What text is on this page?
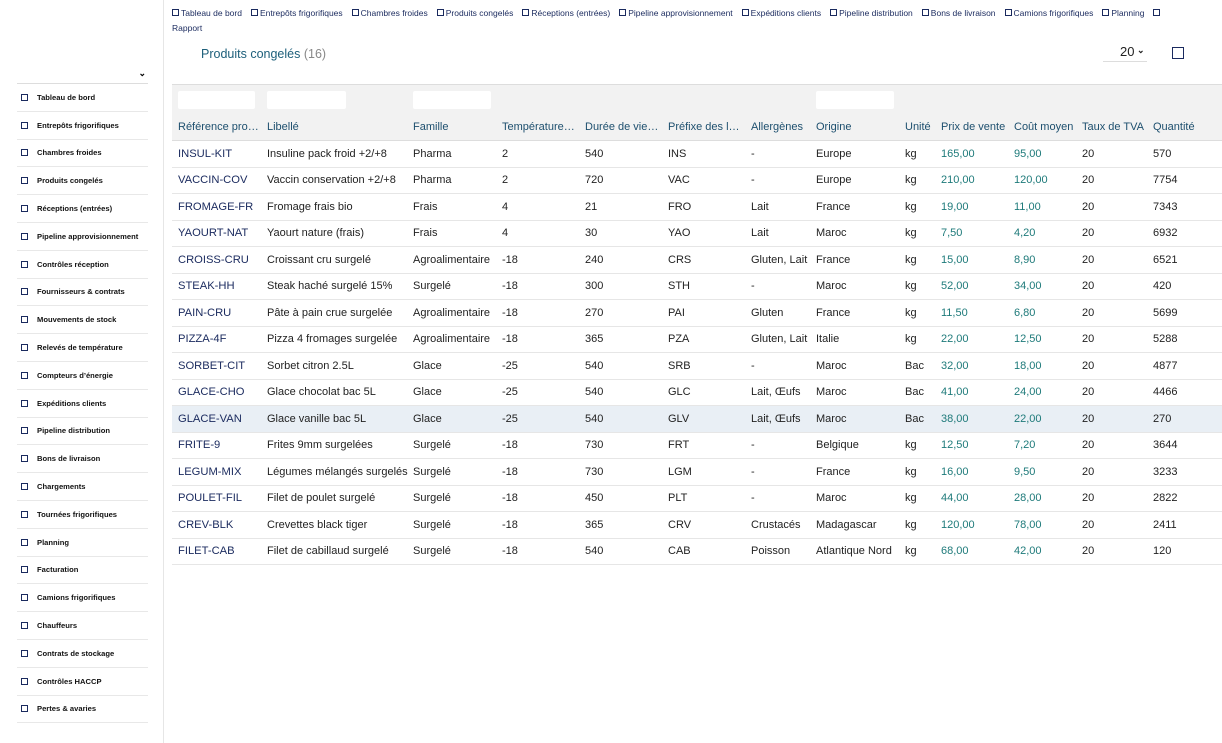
Tableau de bord Entrepôts frigorifiques Chambres froides Produits congelés Réceptions (entrées) Pipeline approvisionnement Expéditions clients Pipeline distribution Bons de livraison Camions frigorifiques Planning
Rapport
⌄
Tableau de bord
Entrepôts frigorifiques
Chambres froides
Produits congelés
Réceptions (entrées)
Pipeline approvisionnement
Contrôles réception
Fournisseurs & contrats
Mouvements de stock
Relevés de température
Compteurs d’énergie
Expéditions clients
Pipeline distribution
Bons de livraison
Chargements
Tournées frigorifiques
Planning
Facturation
Camions frigorifiques
Chauffeurs
Contrats de stockage
Contrôles HACCP
Pertes & avaries
Produits congelés (16)	20 ⌄

Référence pro…	Libellé	Famille	Température…	Durée de vie…	Préfixe des l…	Allergènes	Origine	Unité	Prix de vente	Coût moyen	Taux de TVA	Quantité
INSUL-KIT	Insuline pack froid +2/+8	Pharma	2	540	INS	-	Europe	kg	165,00	95,00	20	570
VACCIN-COV	Vaccin conservation +2/+8	Pharma	2	720	VAC	-	Europe	kg	210,00	120,00	20	7754
FROMAGE-FR	Fromage frais bio	Frais	4	21	FRO	Lait	France	kg	19,00	11,00	20	7343
YAOURT-NAT	Yaourt nature (frais)	Frais	4	30	YAO	Lait	Maroc	kg	7,50	4,20	20	6932
CROISS-CRU	Croissant cru surgelé	Agroalimentaire	-18	240	CRS	Gluten, Lait	France	kg	15,00	8,90	20	6521
STEAK-HH	Steak haché surgelé 15%	Surgelé	-18	300	STH	-	Maroc	kg	52,00	34,00	20	420
PAIN-CRU	Pâte à pain crue surgelée	Agroalimentaire	-18	270	PAI	Gluten	France	kg	11,50	6,80	20	5699
PIZZA-4F	Pizza 4 fromages surgelée	Agroalimentaire	-18	365	PZA	Gluten, Lait	Italie	kg	22,00	12,50	20	5288
SORBET-CIT	Sorbet citron 2.5L	Glace	-25	540	SRB	-	Maroc	Bac	32,00	18,00	20	4877
GLACE-CHO	Glace chocolat bac 5L	Glace	-25	540	GLC	Lait, Œufs	Maroc	Bac	41,00	24,00	20	4466
GLACE-VAN	Glace vanille bac 5L	Glace	-25	540	GLV	Lait, Œufs	Maroc	Bac	38,00	22,00	20	270
FRITE-9	Frites 9mm surgelées	Surgelé	-18	730	FRT	-	Belgique	kg	12,50	7,20	20	3644
LEGUM-MIX	Légumes mélangés surgelés	Surgelé	-18	730	LGM	-	France	kg	16,00	9,50	20	3233
POULET-FIL	Filet de poulet surgelé	Surgelé	-18	450	PLT	-	Maroc	kg	44,00	28,00	20	2822
CREV-BLK	Crevettes black tiger	Surgelé	-18	365	CRV	Crustacés	Madagascar	kg	120,00	78,00	20	2411
FILET-CAB	Filet de cabillaud surgelé	Surgelé	-18	540	CAB	Poisson	Atlantique Nord	kg	68,00	42,00	20	120
